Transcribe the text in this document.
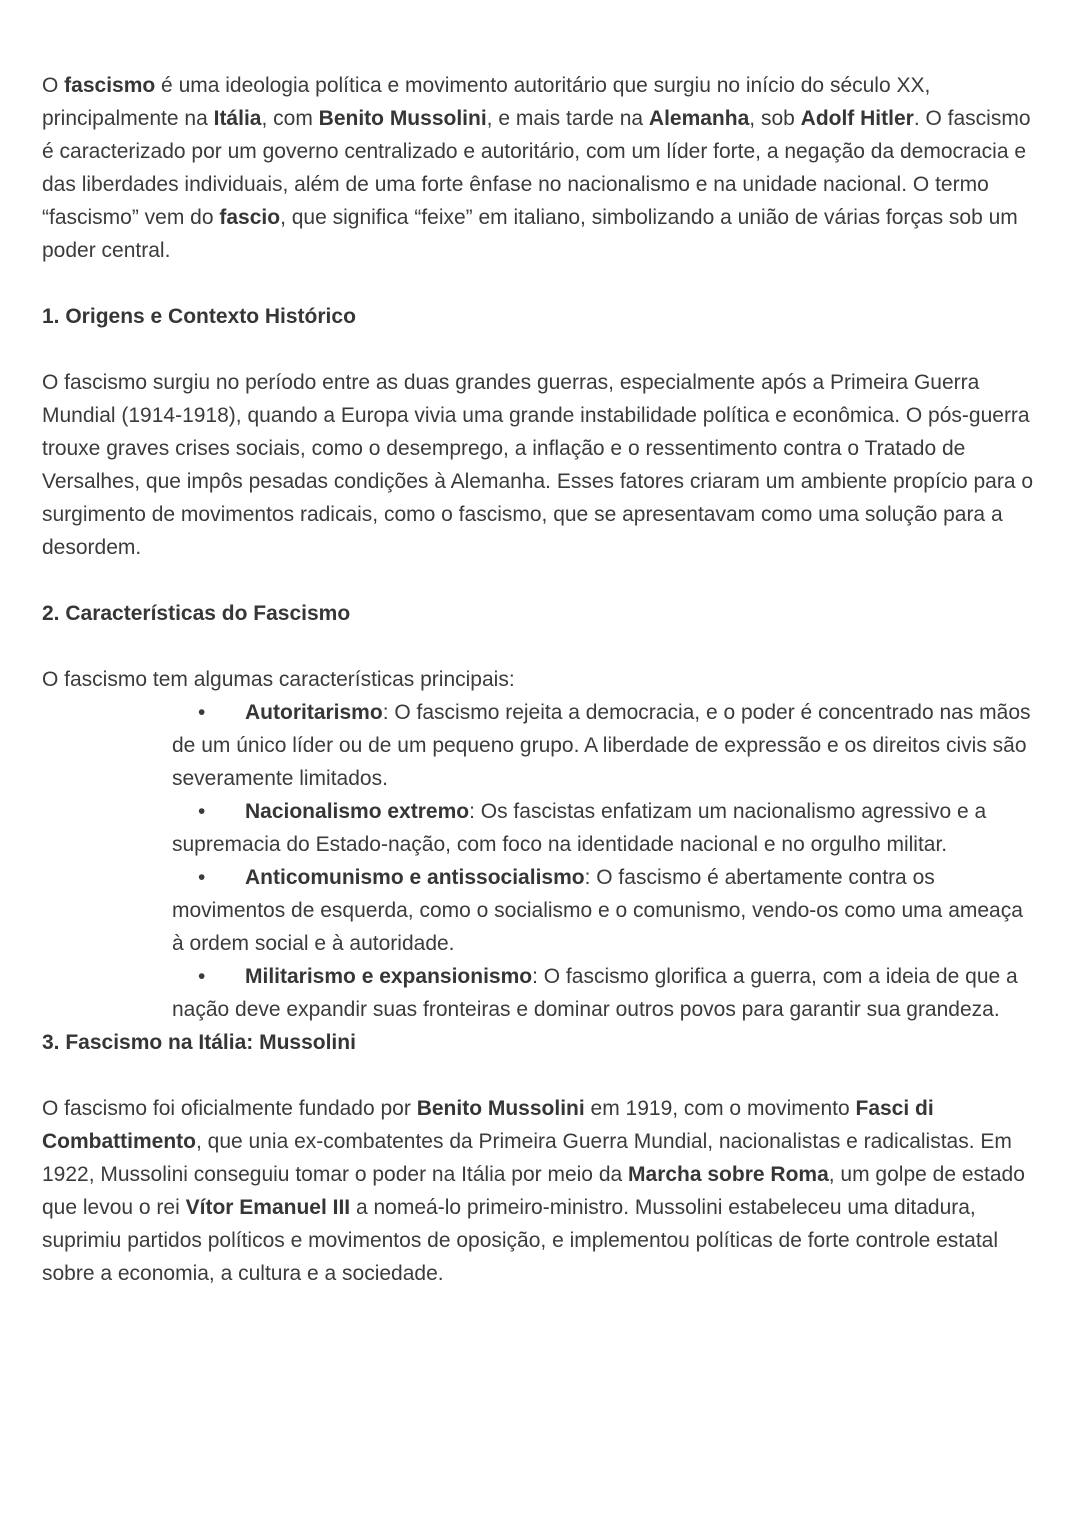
O fascismo é uma ideologia política e movimento autoritário que surgiu no início do século XX, principalmente na Itália, com Benito Mussolini, e mais tarde na Alemanha, sob Adolf Hitler. O fascismo é caracterizado por um governo centralizado e autoritário, com um líder forte, a negação da democracia e das liberdades individuais, além de uma forte ênfase no nacionalismo e na unidade nacional. O termo “fascismo” vem do fascio, que significa “feixe” em italiano, simbolizando a união de várias forças sob um poder central.

1. Origens e Contexto Histórico

O fascismo surgiu no período entre as duas grandes guerras, especialmente após a Primeira Guerra Mundial (1914-1918), quando a Europa vivia uma grande instabilidade política e econômica. O pós-guerra trouxe graves crises sociais, como o desemprego, a inflação e o ressentimento contra o Tratado de Versalhes, que impôs pesadas condições à Alemanha. Esses fatores criaram um ambiente propício para o surgimento de movimentos radicais, como o fascismo, que se apresentavam como uma solução para a desordem.

2. Características do Fascismo

O fascismo tem algumas características principais:

• Autoritarismo: O fascismo rejeita a democracia, e o poder é concentrado nas mãos de um único líder ou de um pequeno grupo. A liberdade de expressão e os direitos civis são severamente limitados.
• Nacionalismo extremo: Os fascistas enfatizam um nacionalismo agressivo e a supremacia do Estado-nação, com foco na identidade nacional e no orgulho militar.
• Anticomunismo e antissocialismo: O fascismo é abertamente contra os movimentos de esquerda, como o socialismo e o comunismo, vendo-os como uma ameaça à ordem social e à autoridade.
• Militarismo e expansionismo: O fascismo glorifica a guerra, com a ideia de que a nação deve expandir suas fronteiras e dominar outros povos para garantir sua grandeza.

3. Fascismo na Itália: Mussolini

O fascismo foi oficialmente fundado por Benito Mussolini em 1919, com o movimento Fasci di Combattimento, que unia ex-combatentes da Primeira Guerra Mundial, nacionalistas e radicalistas. Em 1922, Mussolini conseguiu tomar o poder na Itália por meio da Marcha sobre Roma, um golpe de estado que levou o rei Vítor Emanuel III a nomeá-lo primeiro-ministro. Mussolini estabeleceu uma ditadura, suprimiu partidos políticos e movimentos de oposição, e implementou políticas de forte controle estatal sobre a economia, a cultura e a sociedade.
